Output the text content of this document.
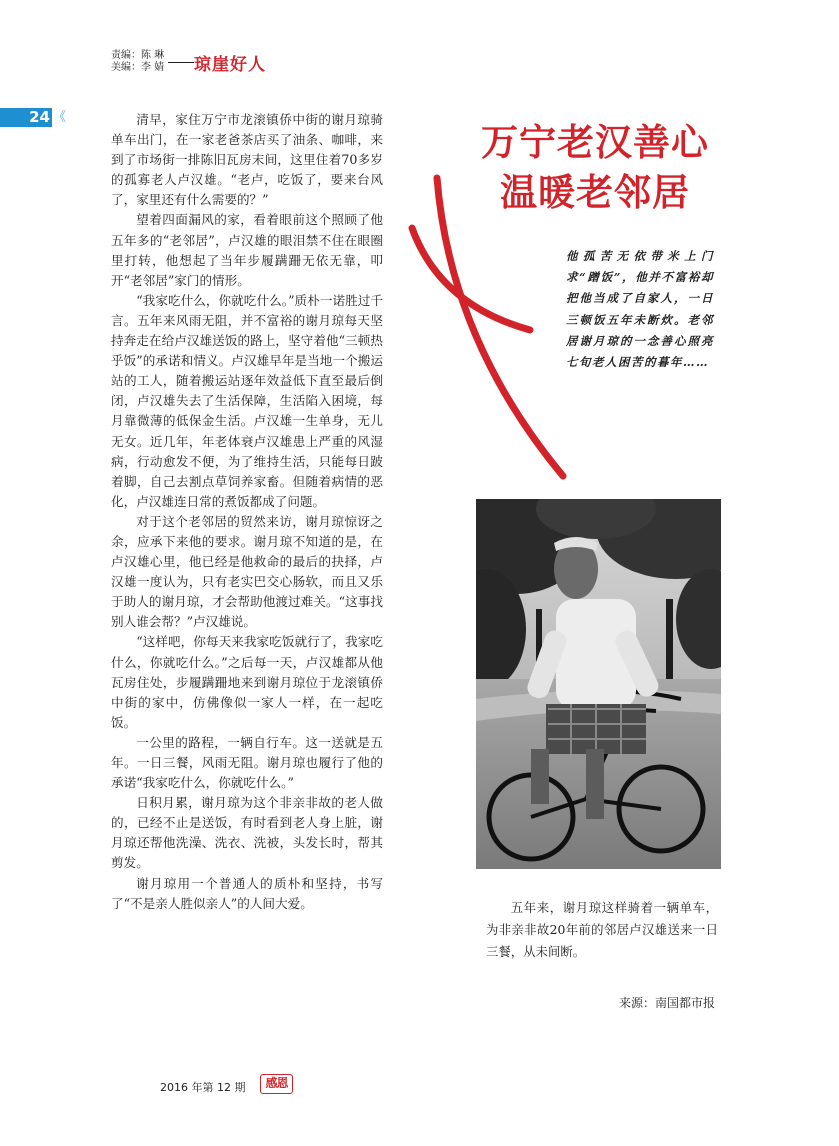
责编：陈 琳
美编：李 婧 琼崖好人
24 《
万宁老汉善心
温暖老邻居
他孤苦无依带米上门求“蹭饭”，他并不富裕却把他当成了自家人，一日三顿饭五年未断炊。老邻居谢月琼的一念善心照亮七旬老人困苦的暮年……

清早，家住万宁市龙滚镇侨中街的谢月琼骑单车出门，在一家老爸茶店买了油条、咖啡，来到了市场街一排陈旧瓦房末间，这里住着70多岁的孤寡老人卢汉雄。“老卢，吃饭了，要来台风了，家里还有什么需要的？”

望着四面漏风的家，看着眼前这个照顾了他五年多的“老邻居”，卢汉雄的眼泪禁不住在眼圈里打转，他想起了当年步履蹒跚无依无靠，叩开“老邻居”家门的情形。

“我家吃什么，你就吃什么。”质朴一诺胜过千言。五年来风雨无阻，并不富裕的谢月琼每天坚持奔走在给卢汉雄送饭的路上，坚守着他“三顿热乎饭”的承诺和情义。卢汉雄早年是当地一个搬运站的工人，随着搬运站逐年效益低下直至最后倒闭，卢汉雄失去了生活保障，生活陷入困境，每月靠微薄的低保金生活。卢汉雄一生单身，无儿无女。近几年，年老体衰卢汉雄患上严重的风湿病，行动愈发不便，为了维持生活，只能每日跛着脚，自己去割点草饲养家畜。但随着病情的恶化，卢汉雄连日常的煮饭都成了问题。

对于这个老邻居的贸然来访，谢月琼惊讶之余，应承下来他的要求。谢月琼不知道的是，在卢汉雄心里，他已经是他救命的最后的抉择，卢汉雄一度认为，只有老实巴交心肠软，而且又乐于助人的谢月琼，才会帮助他渡过难关。“这事找别人谁会帮？”卢汉雄说。

“这样吧，你每天来我家吃饭就行了，我家吃什么，你就吃什么。”之后每一天，卢汉雄都从他瓦房住处，步履蹒跚地来到谢月琼位于龙滚镇侨中街的家中，仿佛像似一家人一样，在一起吃饭。

一公里的路程，一辆自行车。这一送就是五年。一日三餐，风雨无阻。谢月琼也履行了他的承诺“我家吃什么，你就吃什么。”

日积月累，谢月琼为这个非亲非故的老人做的，已经不止是送饭，有时看到老人身上脏，谢月琼还帮他洗澡、洗衣、洗被，头发长时，帮其剪发。

谢月琼用一个普通人的质朴和坚持，书写了“不是亲人胜似亲人”的人间大爱。	五年来，谢月琼这样骑着一辆单车，为非亲非故20年前的邻居卢汉雄送来一日三餐，从未间断。

来源：南国都市报
2016 年第 12 期	感恩
